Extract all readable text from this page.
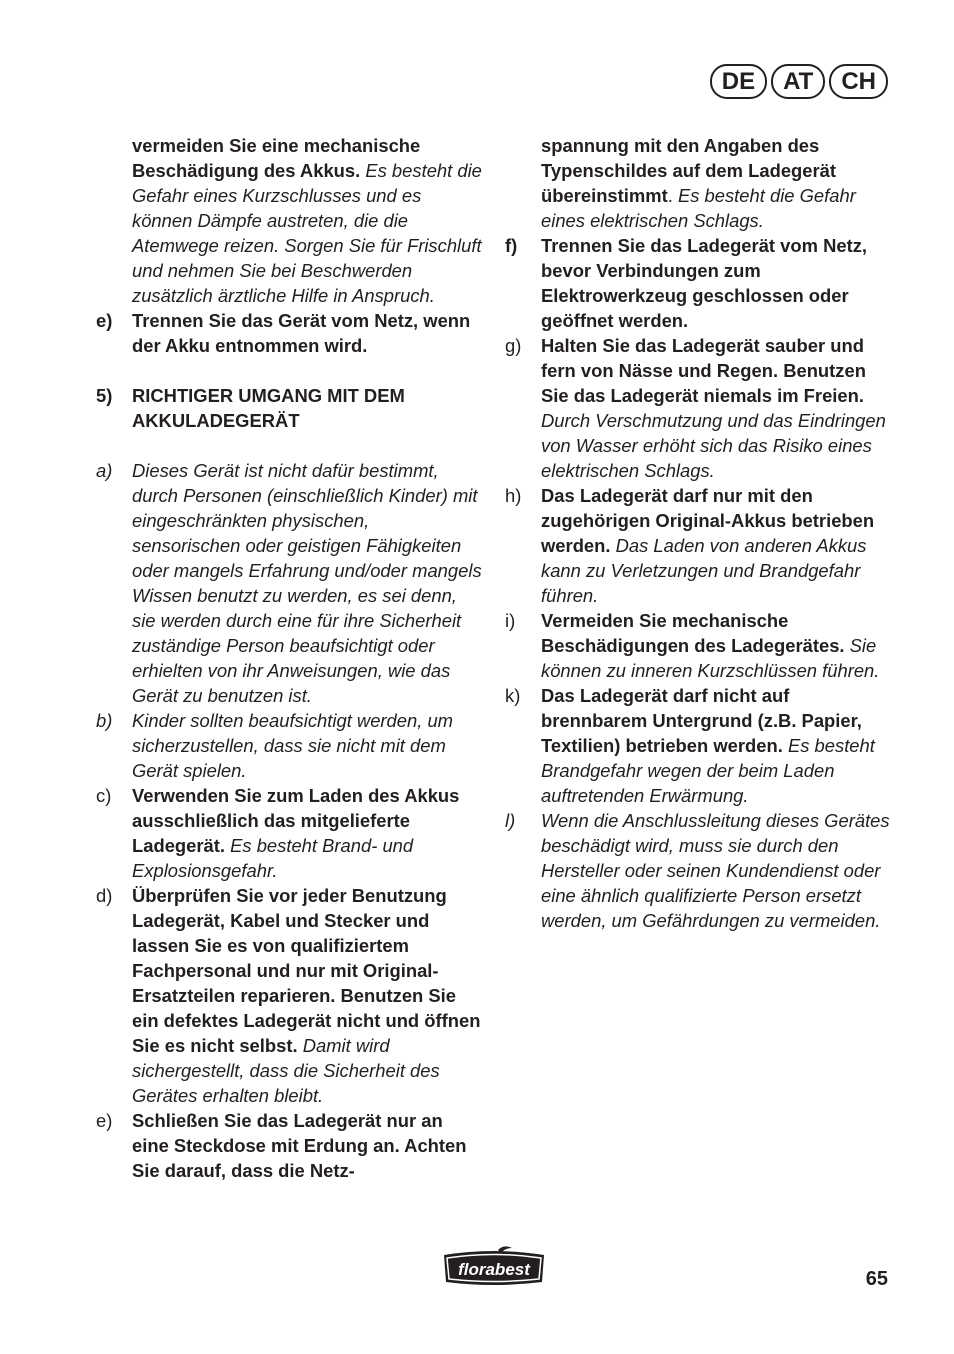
DE	AT	CH
vermeiden Sie eine mechanische Beschädigung des Akkus. Es besteht die Gefahr eines Kurzschlusses und es können Dämpfe austreten, die die Atemwege reizen. Sorgen Sie für Frischluft und nehmen Sie bei Beschwerden zusätzlich ärztliche Hilfe in Anspruch.
e)	Trennen Sie das Gerät vom Netz, wenn der Akku entnommen wird.
5)	RICHTIGER UMGANG MIT DEM AKKULADEGERÄT
a)	Dieses Gerät ist nicht dafür bestimmt, durch Personen (einschließlich Kinder) mit eingeschränkten physischen, sensorischen oder geistigen Fähigkeiten oder mangels Erfahrung und/oder mangels Wissen benutzt zu werden, es sei denn, sie werden durch eine für ihre Sicherheit zuständige Person beaufsichtigt oder erhielten von ihr Anweisungen, wie das Gerät zu benutzen ist.
b)	Kinder sollten beaufsichtigt werden, um sicherzustellen, dass sie nicht mit dem Gerät spielen.
c)	Verwenden Sie zum Laden des Akkus ausschließlich das mitgelieferte Ladegerät. Es besteht Brand- und Explosionsgefahr.
d)	Überprüfen Sie vor jeder Benutzung Ladegerät, Kabel und Stecker und lassen Sie es von qualifiziertem Fachpersonal und nur mit Original-Ersatzteilen reparieren. Benutzen Sie ein defektes Ladegerät nicht und öffnen Sie es nicht selbst. Damit wird sichergestellt, dass die Sicherheit des Gerätes erhalten bleibt.
e)	Schließen Sie das Ladegerät nur an eine Steckdose mit Erdung an. Achten Sie darauf, dass die Netz-
spannung mit den Angaben des Typenschildes auf dem Ladegerät übereinstimmt. Es besteht die Gefahr eines elektrischen Schlags.
f)	Trennen Sie das Ladegerät vom Netz, bevor Verbindungen zum Elektrowerkzeug geschlossen oder geöffnet werden.
g)	Halten Sie das Ladegerät sauber und fern von Nässe und Regen. Benutzen Sie das Ladegerät niemals im Freien. Durch Verschmutzung und das Eindringen von Wasser erhöht sich das Risiko eines elektrischen Schlags.
h)	Das Ladegerät darf nur mit den zugehörigen Original-Akkus betrieben werden. Das Laden von anderen Akkus kann zu Verletzungen und Brandgefahr führen.
i)	Vermeiden Sie mechanische Beschädigungen des Ladegerätes. Sie können zu inneren Kurzschlüssen führen.
k)	Das Ladegerät darf nicht auf brennbarem Untergrund (z.B. Papier, Textilien) betrieben werden. Es besteht Brandgefahr wegen der beim Laden auftretenden Erwärmung.
l)	Wenn die Anschlussleitung dieses Gerätes beschädigt wird, muss sie durch den Hersteller oder seinen Kundendienst oder eine ähnlich qualifizierte Person ersetzt werden, um Gefährdungen zu vermeiden.
florabest	65
